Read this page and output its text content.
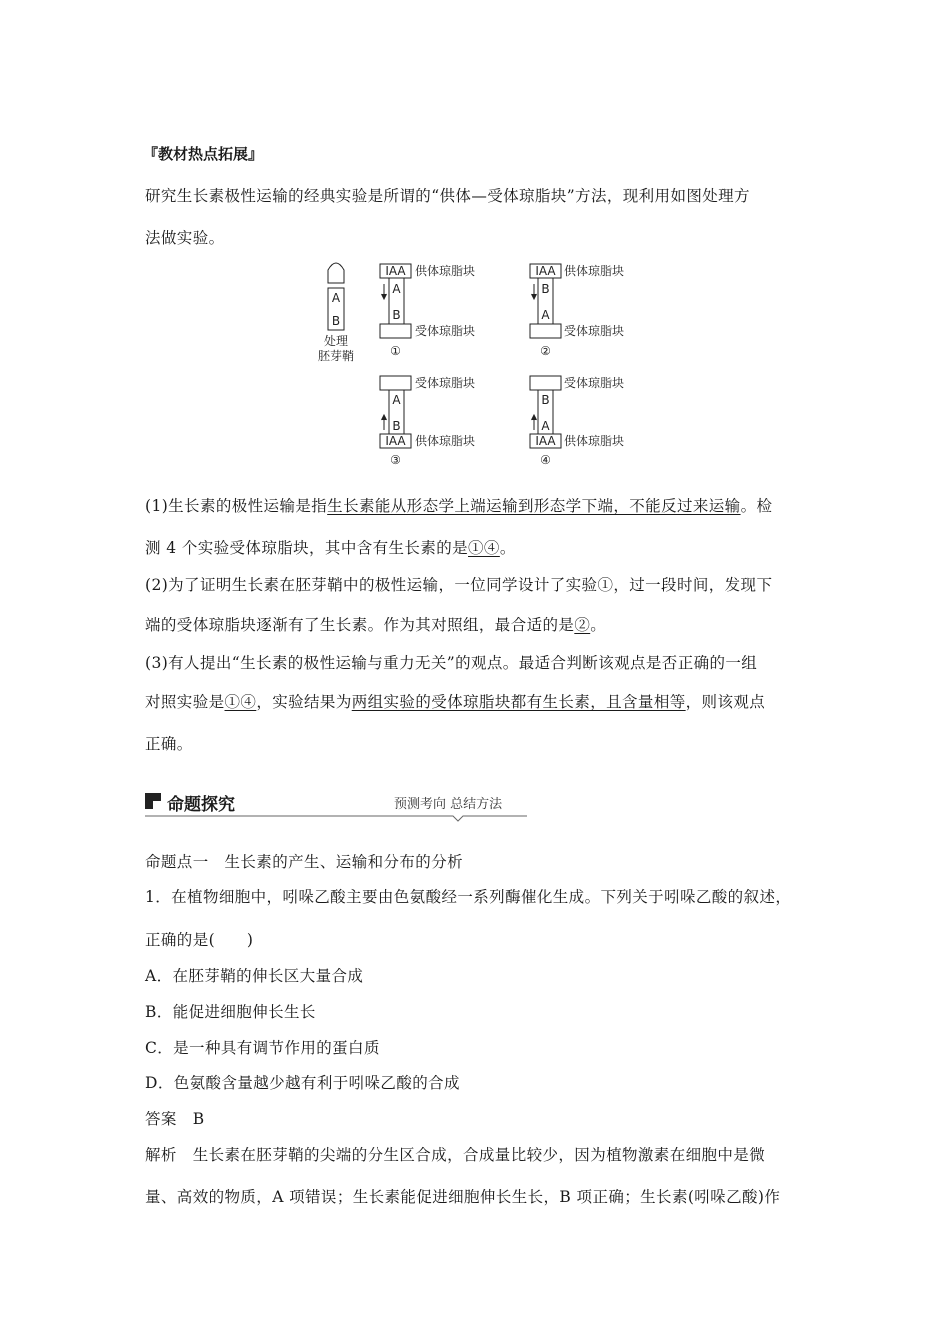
『教材热点拓展』
研究生长素极性运输的经典实验是所谓的“供体—受体琼脂块”方法，现利用如图处理方
法做实验。
A
B
处理
胚芽鞘
IAA
A
B
供体琼脂块
受体琼脂块
①
IAA
B
A
供体琼脂块
受体琼脂块
②
受体琼脂块
A
B
IAA 供体琼脂块
③
受体琼脂块
B
A
IAA 供体琼脂块
④
(1)生长素的极性运输是指生长素能从形态学上端运输到形态学下端，不能反过来运输。检
测 4 个实验受体琼脂块，其中含有生长素的是①④。
(2)为了证明生长素在胚芽鞘中的极性运输，一位同学设计了实验①，过一段时间，发现下
端的受体琼脂块逐渐有了生长素。作为其对照组，最合适的是②。
(3)有人提出“生长素的极性运输与重力无关”的观点。最适合判断该观点是否正确的一组
对照实验是①④，实验结果为两组实验的受体琼脂块都有生长素，且含量相等，则该观点
正确。
命题探究	预测考向 总结方法
命题点一　生长素的产生、运输和分布的分析
1．在植物细胞中，吲哚乙酸主要由色氨酸经一系列酶催化生成。下列关于吲哚乙酸的叙述，
正确的是(　　)
A．在胚芽鞘的伸长区大量合成
B．能促进细胞伸长生长
C．是一种具有调节作用的蛋白质
D．色氨酸含量越少越有利于吲哚乙酸的合成
答案　B
解析　生长素在胚芽鞘的尖端的分生区合成，合成量比较少，因为植物激素在细胞中是微
量、高效的物质，A 项错误；生长素能促进细胞伸长生长，B 项正确；生长素(吲哚乙酸)作
